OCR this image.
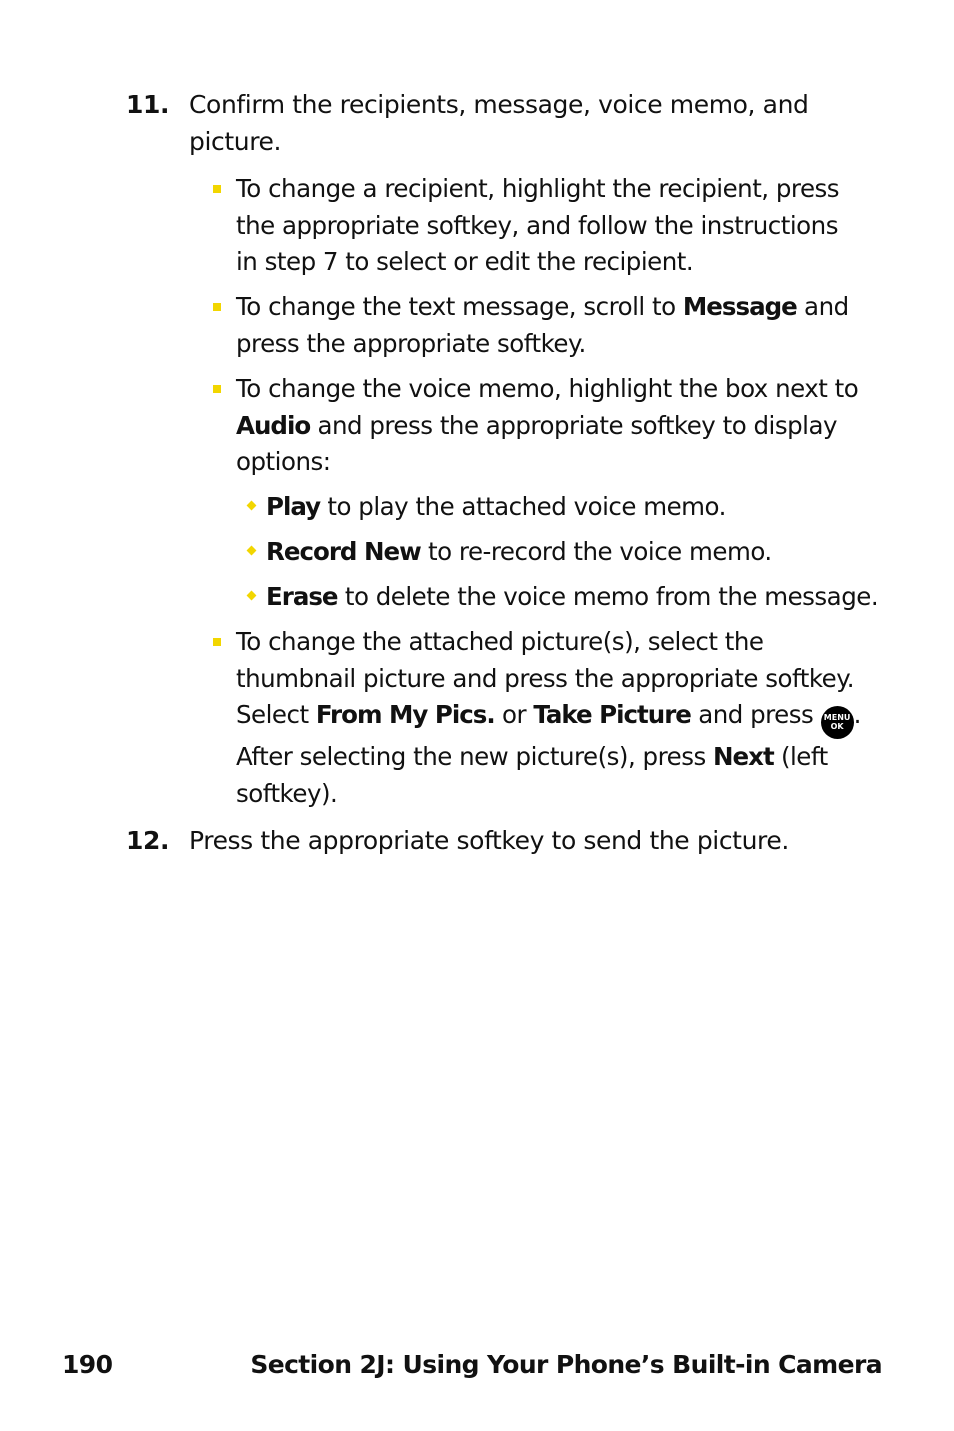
11. Confirm the recipients, message, voice memo, and picture.
To change a recipient, highlight the recipient, press the appropriate softkey, and follow the instructions in step 7 to select or edit the recipient.
To change the text message, scroll to Message and press the appropriate softkey.
To change the voice memo, highlight the box next to Audio and press the appropriate softkey to display options:
Play to play the attached voice memo.
Record New to re-record the voice memo.
Erase to delete the voice memo from the message.
To change the attached picture(s), select the thumbnail picture and press the appropriate softkey. Select From My Pics. or Take Picture and press MENU
OK . After selecting the new picture(s), press Next (left softkey).
12. Press the appropriate softkey to send the picture.
190	Section 2J: Using Your Phone’s Built-in Camera
